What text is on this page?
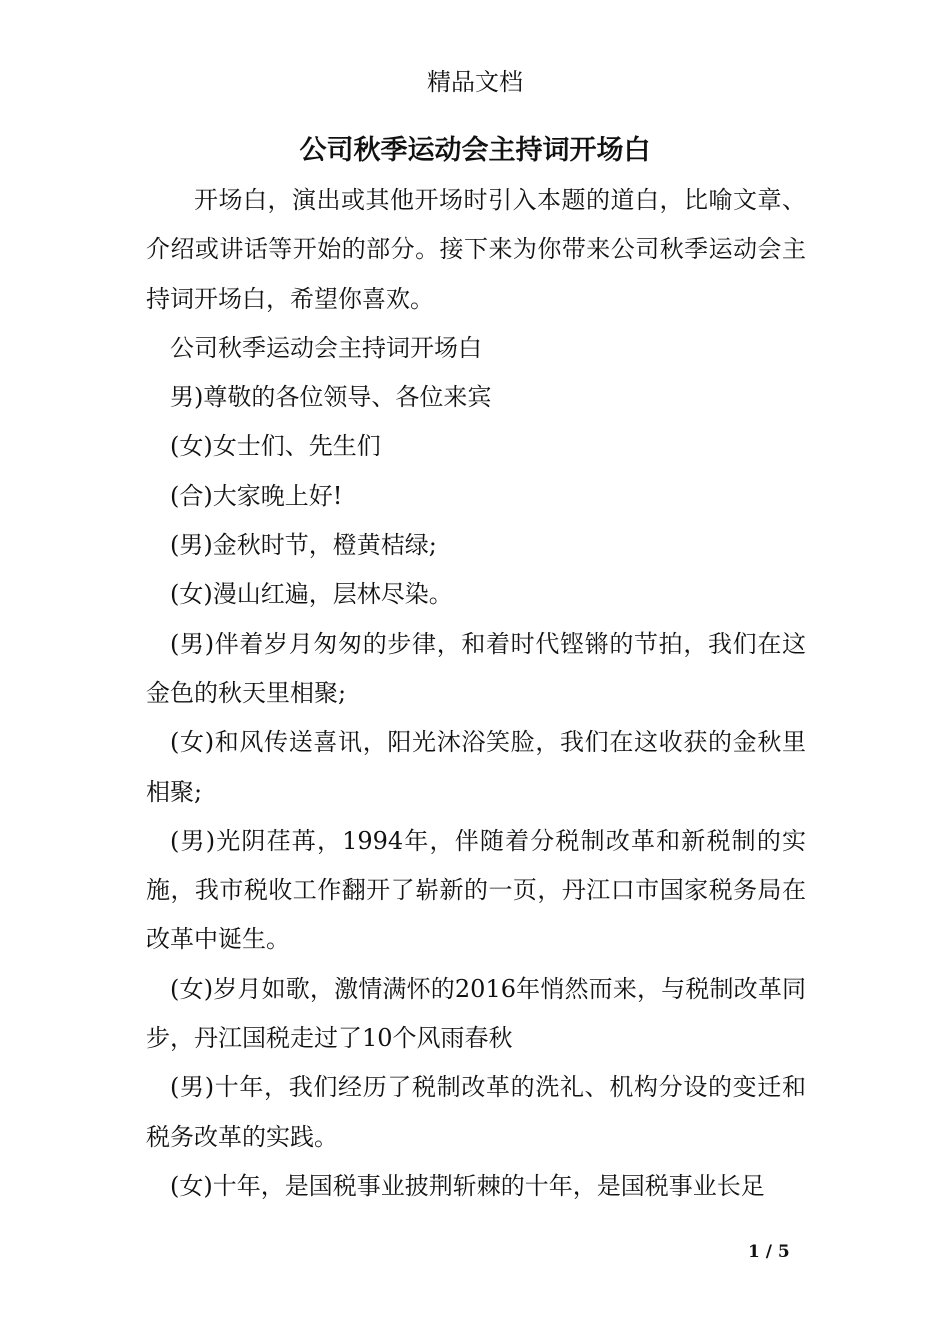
精品文档
公司秋季运动会主持词开场白

开场白，演出或其他开场时引入本题的道白，比喻文章、介绍或讲话等开始的部分。接下来为你带来公司秋季运动会主持词开场白，希望你喜欢。

公司秋季运动会主持词开场白

男)尊敬的各位领导、各位来宾

(女)女士们、先生们

(合)大家晚上好!

(男)金秋时节，橙黄桔绿;

(女)漫山红遍，层林尽染。

(男)伴着岁月匆匆的步律，和着时代铿锵的节拍，我们在这金色的秋天里相聚;

(女)和风传送喜讯，阳光沐浴笑脸，我们在这收获的金秋里相聚;

(男)光阴荏苒，1994年，伴随着分税制改革和新税制的实施，我市税收工作翻开了崭新的一页，丹江口市国家税务局在改革中诞生。

(女)岁月如歌，激情满怀的2016年悄然而来，与税制改革同步，丹江国税走过了10个风雨春秋

(男)十年，我们经历了税制改革的洗礼、机构分设的变迁和税务改革的实践。

(女)十年，是国税事业披荆斩棘的十年，是国税事业长足

1 / 5
